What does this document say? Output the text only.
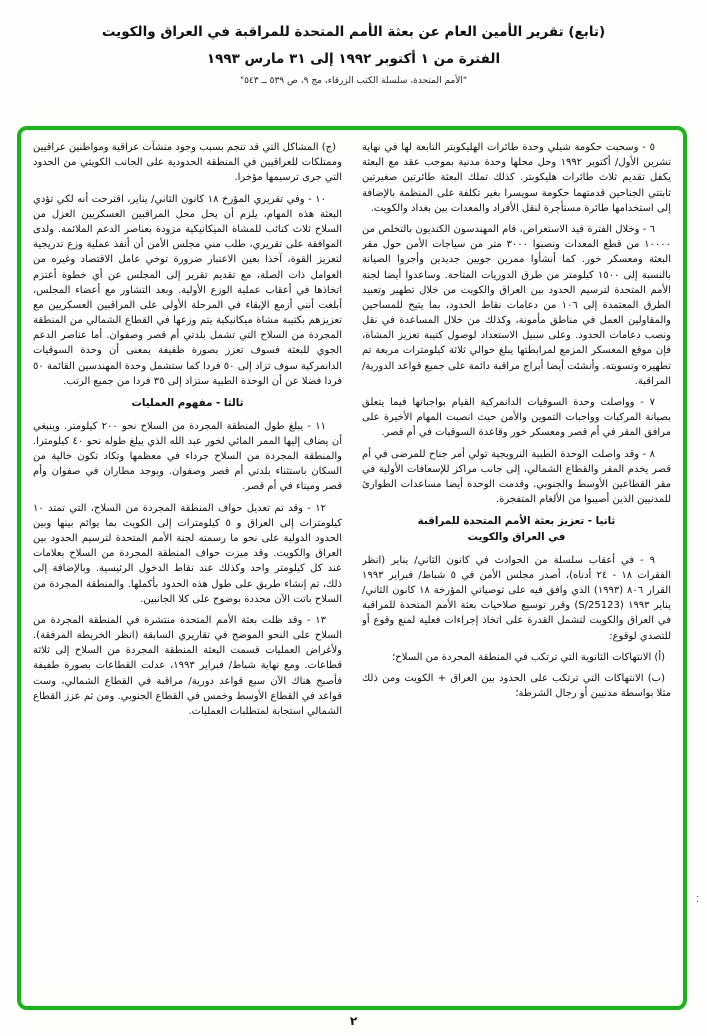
(تابع) تقرير الأمين العام عن بعثة الأمم المتحدة للمراقبة في العراق والكويت
الفترة من ١ أكتوبر ١٩٩٢ إلى ٣١ مارس ١٩٩٣
"الأمم المتحدة، سلسلة الكتب الزرقاء، مج ٩، ص ٥٣٩ ــ ٥٤٣"

٥ - وسحبت حكومة شيلي وحدة طائرات الهليكوبتر التابعة لها في نهاية تشرين الأول/ أكتوبر ١٩٩٢ وحل محلها وحدة مدنية بموجب عقد مع البعثة يكفل تقديم ثلاث طائرات هليكوبتر. كذلك تملك البعثة طائرتين صغيرتين ثابتتي الجناحين قدمتهما حكومة سويسرا بغير تكلفة على المنظمة بالإضافة إلى استخدامها طائرة مستأجرة لنقل الأفراد والمعدات بين بغداد والكويت.

٦ - وخلال الفترة قيد الاستعراض، قام المهندسون الكنديون بالتخلص من ١٠٠٠٠ من قطع المعدات ونصبوا ٣٠٠٠ متر من سياجات الأمن حول مقر البعثة ومعسكر خور. كما أنشأوا ممرين جويين جديدين وأجروا الصيانة بالنسبة إلى ١٥٠٠ كيلومتر من طرق الدوريات المتاحة. وساعدوا أيضا لجنة الأمم المتحدة لترسيم الحدود بين العراق والكويت من خلال تطهير وتعبيد الطرق المعتمدة إلى ١٠٦ من دعامات نقاط الحدود، بما يتيح للمساحين والمقاولين العمل في مناطق مأمونة، وكذلك من خلال المساعدة في نقل ونصب دعامات الحدود. وعلى سبيل الاستعداد لوصول كتيبة تعزيز المشاة، فإن موقع المعسكر المزمع لمرابطتها يبلغ حوالي ثلاثة كيلومترات مربعة تم تطهيره وتسويته. وأنشئت أيضا أبراج مراقبة دائمة على جميع قواعد الدورية/المراقبة.

٧ - وواصلت وحدة السوقيات الدانمركية القيام بواجباتها فيما يتعلق بصيانة المركبات وواجبات التموين والأمن حيث انصبت المهام الأخيرة على مرافق المقر في أم قصر ومعسكر خور وقاعدة السوقيات في أم قصر.

٨ - وقد واصلت الوحدة الطبية النرويجية تولي أمر جناح للمرضى في أم قصر يخدم المقر والقطاع الشمالي، إلى جانب مراكز للإسعافات الأولية في مقر القطاعين الأوسط والجنوبي. وقدمت الوحدة أيضا مساعدات الطوارئ للمدنيين الذين أصيبوا من الألغام المتفجرة.

ثانيا - تعزيز بعثة الأمم المتحدة للمراقبة
في العراق والكويت

٩ - في أعقاب سلسلة من الحوادث في كانون الثاني/ يناير (انظر الفقرات ١٨ - ٢٤ أدناه)، أصدر مجلس الأمن في ٥ شباط/ فبراير ١٩٩٣ القرار ٨٠٦ (١٩٩٣) الذي وافق فيه على توصياتي المؤرخة ١٨ كانون الثاني/ يناير ١٩٩٣ (S/25123) وقرر توسيع صلاحيات بعثة الأمم المتحدة للمراقبة في العراق والكويت لتشمل القدرة على اتخاذ إجراءات فعلية لمنع وقوع أو للتصدي لوقوع:

(أ) الانتهاكات الثانوية التي ترتكب في المنطقة المجردة من السلاح؛

(ب) الانتهاكات التي ترتكب على الحدود بين العراق + الكويت ومن ذلك مثلا بواسطة مدنيين أو رجال الشرطة؛

(ج) المشاكل التي قد تنجم بسبب وجود منشآت عراقية ومواطنين عراقيين وممتلكات للعراقيين في المنطقة الحدودية على الجانب الكويتي من الحدود التي جرى ترسيمها مؤخرا.

١٠ - وفي تقريري المؤرخ ١٨ كانون الثاني/ يناير، اقترحت أنه لكي تؤدي البعثة هذه المهام، يلزم أن يحل محل المراقبين العسكريين العزل من السلاح ثلاث كتائب للمشاة الميكانيكية مزودة بعناصر الدعم الملائمة. ولدى الموافقة على تقريري، طلب مني مجلس الأمن أن أنفذ عملية وزع تدريجية لتعزيز القوة، آخذا بعين الاعتبار ضرورة توخي عامل الاقتصاد وغيره من العوامل ذات الصلة، مع تقديم تقرير إلى المجلس عن أي خطوة أعتزم اتخاذها في أعقاب عملية الوزع الأولية. وبعد التشاور مع أعضاء المجلس، أبلغت أنني أزمع الإبقاء في المرحلة الأولى على المراقبين العسكريين مع تعزيزهم بكتيبة مشاة ميكانيكية يتم وزعها في القطاع الشمالي من المنطقة المجردة من السلاح التي تشمل بلدتي أم قصر وصفوان. أما عناصر الدعم الجوي للبعثة فسوف تعزز بصورة طفيفة بمعنى أن وحدة السوقيات الدانمركية سوف تزاد إلى ٥٠ فردا كما ستشمل وحدة المهندسين القائمة ٥٠ فردا فضلا عن أن الوحدة الطبية ستزاد إلى ٣٥ فردا من جميع الرتب.

ثالثا - مفهوم العمليات

١١ - يبلغ طول المنطقة المجردة من السلاح نحو ٢٠٠ كيلومتر. وينبغي أن يضاف إليها الممر المائي لخور عبد الله الذي يبلغ طوله نحو ٤٠ كيلومترا. والمنطقة المجردة من السلاح جرداء في معظمها وتكاد تكون خالية من السكان باستثناء بلدتي أم قصر وصفوان. ويوجد مطاران في صفوان وأم قصر وميناء في أم قصر.

١٢ - وقد تم تعديل حواف المنطقة المجردة من السلاح، التي تمتد ١٠ كيلومترات إلى العراق و ٥ كيلومترات إلى الكويت بما يوائم بينها وبين الحدود الدولية على نحو ما رسمته لجنة الأمم المتحدة لترسيم الحدود بين العراق والكويت. وقد ميزت حواف المنطقة المجردة من السلاح بعلامات عند كل كيلومتر واحد وكذلك عند نقاط الدخول الرئيسية. وبالإضافة إلى ذلك، تم إنشاء طريق على طول هذه الحدود بأكملها. والمنطقة المجردة من السلاح باتت الآن محددة بوضوح على كلا الجانبين.

١٣ - وقد ظلت بعثة الأمم المتحدة منتشرة في المنطقة المجردة من السلاح على النحو الموضح في تقاريري السابقة (انظر الخريطة المرفقة). ولأغراض العمليات قسمت البعثة المنطقة المجردة من السلاح إلى ثلاثة قطاعات. ومع نهاية شباط/ فبراير ١٩٩٣، عدلت القطاعات بصورة طفيفة فأصبح هناك الآن سبع قواعد دورية/ مراقبة في القطاع الشمالي، وست قواعد في القطاع الأوسط وخمس في القطاع الجنوبي. ومن ثم عزز القطاع الشمالي استجابة لمتطلبات العمليات.

..
٢
